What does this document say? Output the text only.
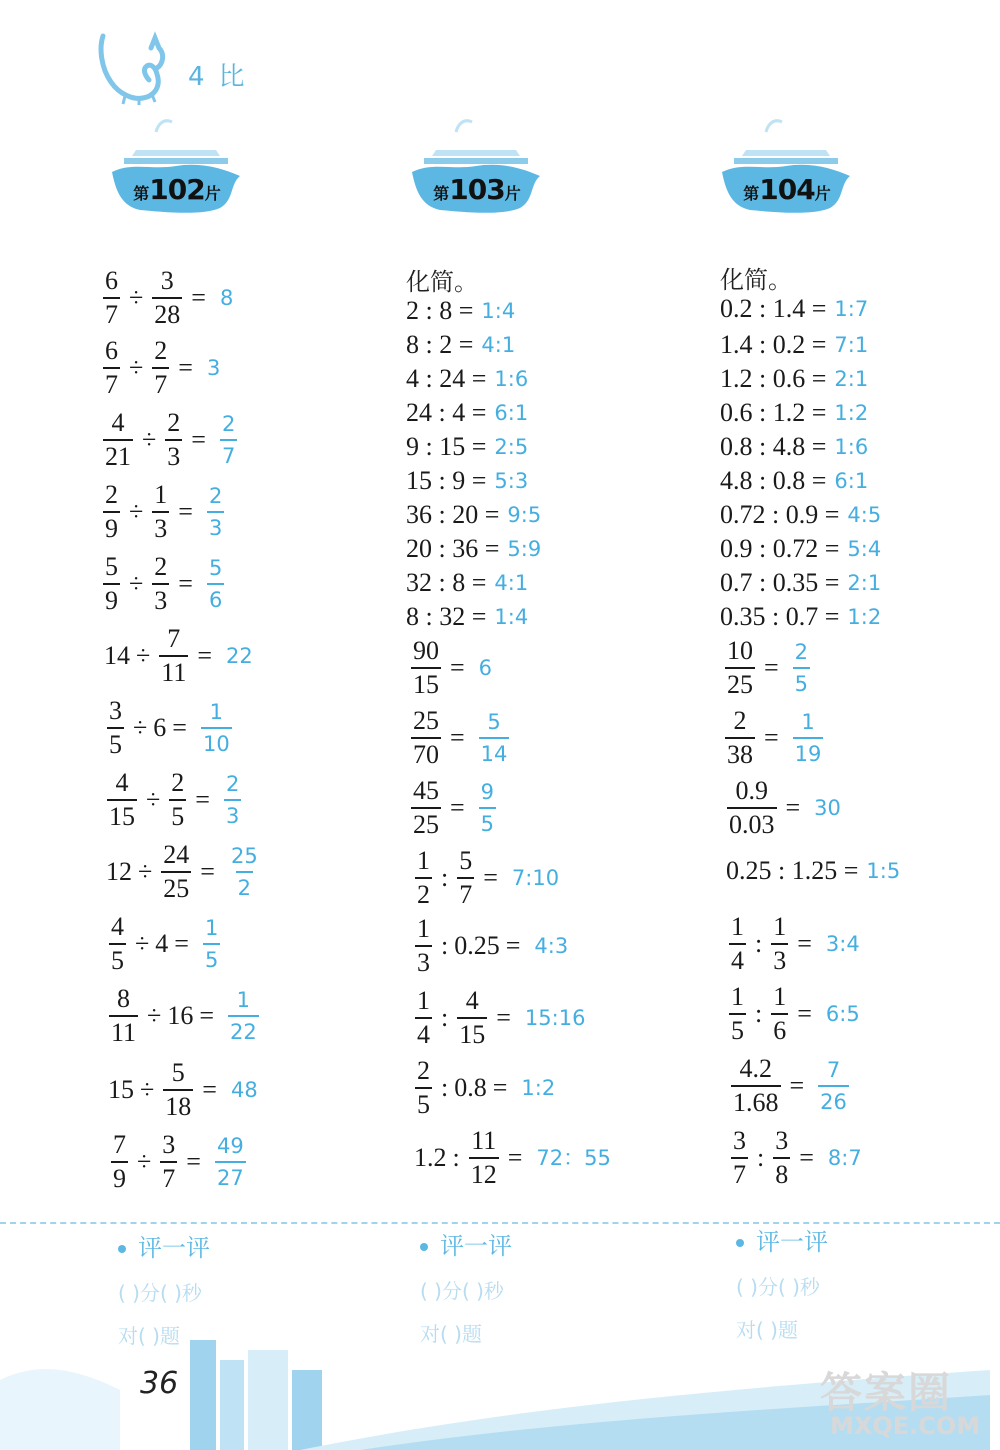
4比
第102片	第103片	第104片
$\frac{6}{7} \div \frac{3}{28} = 8$
$\frac{6}{7} \div \frac{2}{7} = 3$
$\frac{4}{21} \div \frac{2}{3} = \frac{2}{7}$
$\frac{2}{9} \div \frac{1}{3} = \frac{2}{3}$
$\frac{5}{9} \div \frac{2}{3} = \frac{5}{6}$
$14 \div \frac{7}{11} = 22$
$\frac{3}{5} \div 6 = \frac{1}{10}$
$\frac{4}{15} \div \frac{2}{5} = \frac{2}{3}$
$12 \div \frac{24}{25} = \frac{25}{2}$
$\frac{4}{5} \div 4 = \frac{1}{5}$
$\frac{8}{11} \div 16 = \frac{1}{22}$
$15 \div \frac{5}{18} = 48$
$\frac{7}{9} \div \frac{3}{7} = \frac{49}{27}$
化简。
2 : 8 = 1:4
8 : 2 = 4:1
4 : 24 = 1:6
24 : 4 = 6:1
9 : 15 = 2:5
15 : 9 = 5:3
36 : 20 = 9:5
20 : 36 = 5:9
32 : 8 = 4:1
8 : 32 = 1:4
$\frac{90}{15} = 6$
$\frac{25}{70} = \frac{5}{14}$
$\frac{45}{25} = \frac{9}{5}$
$\frac{1}{2}$ : $\frac{5}{7}$ = 7:10
$\frac{1}{3}$ : 0.25 = 4:3
$\frac{1}{4}$ : $\frac{4}{15}$ = 15:16
$\frac{2}{5}$ : 0.8 = 1:2
1.2 : $\frac{11}{12} = 72$：55
化简。
0.2 : 1.4 = 1:7
1.4 : 0.2 = 7:1
1.2 : 0.6 = 2:1
0.6 : 1.2 = 1:2
0.8 : 4.8 = 1:6
4.8 : 0.8 = 6:1
0.72 : 0.9 = 4:5
0.9 : 0.72 = 5:4
0.7 : 0.35 = 2:1
0.35 : 0.7 = 1:2
$\frac{10}{25} = \frac{2}{5}$
$\frac{2}{38} = \frac{1}{19}$
$\frac{0.9}{0.03} = 30$
0.25 : 1.25 = 1:5
$\frac{1}{4}$ : $\frac{1}{3}$ = 3:4
$\frac{1}{5}$ : $\frac{1}{6}$ = 6:5
$\frac{4.2}{1.68} = \frac{7}{26}$
$\frac{3}{7}$ : $\frac{3}{8}$ = 8:7
评一评
( )分( )秒
对( )题
评一评
( )分( )秒
对( )题
评一评
( )分( )秒
对( )题
36	答案圈
MXQE.COM
